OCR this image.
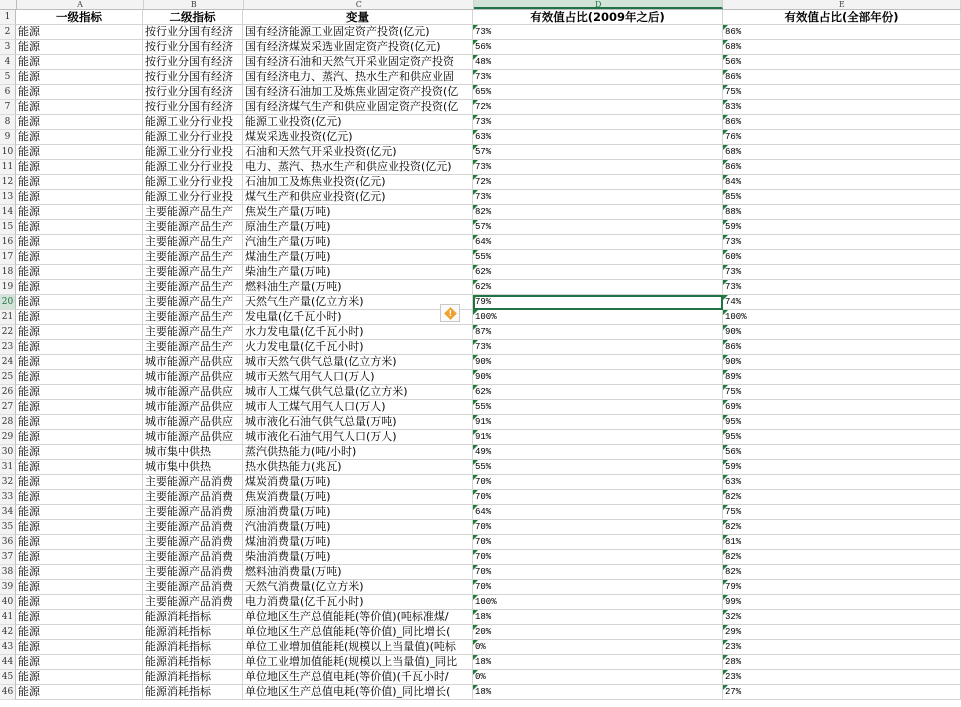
A	B	C	D	E
1	一级指标	二级指标	变量	有效值占比(2009年之后)	有效值占比(全部年份)
2 能源	按行业分国有经济	国有经济能源工业固定资产投资(亿元)	73%	86%
3 能源	按行业分国有经济	国有经济煤炭采选业固定资产投资(亿元)	56%	68%
4 能源	按行业分国有经济	国有经济石油和天然气开采业固定资产投资	48%	56%
5 能源	按行业分国有经济	国有经济电力、蒸汽、热水生产和供应业固	73%	86%
6 能源	按行业分国有经济	国有经济石油加工及炼焦业固定资产投资(亿	65%	75%
7 能源	按行业分国有经济	国有经济煤气生产和供应业固定资产投资(亿	72%	83%
8 能源	能源工业分行业投	能源工业投资(亿元)	73%	86%
9 能源	能源工业分行业投	煤炭采选业投资(亿元)	63%	76%
10 能源	能源工业分行业投	石油和天然气开采业投资(亿元)	57%	68%
11 能源	能源工业分行业投	电力、蒸汽、热水生产和供应业投资(亿元)	73%	86%
12 能源	能源工业分行业投	石油加工及炼焦业投资(亿元)	72%	84%
13 能源	能源工业分行业投	煤气生产和供应业投资(亿元)	73%	85%
14 能源	主要能源产品生产	焦炭生产量(万吨)	82%	88%
15 能源	主要能源产品生产	原油生产量(万吨)	57%	59%
16 能源	主要能源产品生产	汽油生产量(万吨)	64%	73%
17 能源	主要能源产品生产	煤油生产量(万吨)	55%	60%
18 能源	主要能源产品生产	柴油生产量(万吨)	62%	73%
19 能源	主要能源产品生产	燃料油生产量(万吨)	62%	73%
20 能源	主要能源产品生产	天然气生产量(亿立方米)	79%	74%
21 能源	主要能源产品生产	发电量(亿千瓦小时)	100%	100%
22 能源	主要能源产品生产	水力发电量(亿千瓦小时)	87%	90%
23 能源	主要能源产品生产	火力发电量(亿千瓦小时)	73%	86%
24 能源	城市能源产品供应	城市天然气供气总量(亿立方米)	90%	90%
25 能源	城市能源产品供应	城市天然气用气人口(万人)	90%	89%
26 能源	城市能源产品供应	城市人工煤气供气总量(亿立方米)	62%	75%
27 能源	城市能源产品供应	城市人工煤气用气人口(万人)	55%	69%
28 能源	城市能源产品供应	城市液化石油气供气总量(万吨)	91%	95%
29 能源	城市能源产品供应	城市液化石油气用气人口(万人)	91%	95%
30 能源	城市集中供热	蒸汽供热能力(吨/小时)	49%	56%
31 能源	城市集中供热	热水供热能力(兆瓦)	55%	59%
32 能源	主要能源产品消费	煤炭消费量(万吨)	70%	63%
33 能源	主要能源产品消费	焦炭消费量(万吨)	70%	82%
34 能源	主要能源产品消费	原油消费量(万吨)	64%	75%
35 能源	主要能源产品消费	汽油消费量(万吨)	70%	82%
36 能源	主要能源产品消费	煤油消费量(万吨)	70%	81%
37 能源	主要能源产品消费	柴油消费量(万吨)	70%	82%
38 能源	主要能源产品消费	燃料油消费量(万吨)	70%	82%
39 能源	主要能源产品消费	天然气消费量(亿立方米)	70%	79%
40 能源	主要能源产品消费	电力消费量(亿千瓦小时)	100%	99%
41 能源	能源消耗指标	单位地区生产总值能耗(等价值)(吨标准煤/	18%	32%
42 能源	能源消耗指标	单位地区生产总值能耗(等价值)_同比增长(	20%	29%
43 能源	能源消耗指标	单位工业增加值能耗(规模以上当量值)(吨标	0%	23%
44 能源	能源消耗指标	单位工业增加值能耗(规模以上当量值)_同比	18%	28%
45 能源	能源消耗指标	单位地区生产总值电耗(等价值)(千瓦小时/	0%	23%
46 能源	能源消耗指标	单位地区生产总值电耗(等价值)_同比增长(	18%	27%
!
